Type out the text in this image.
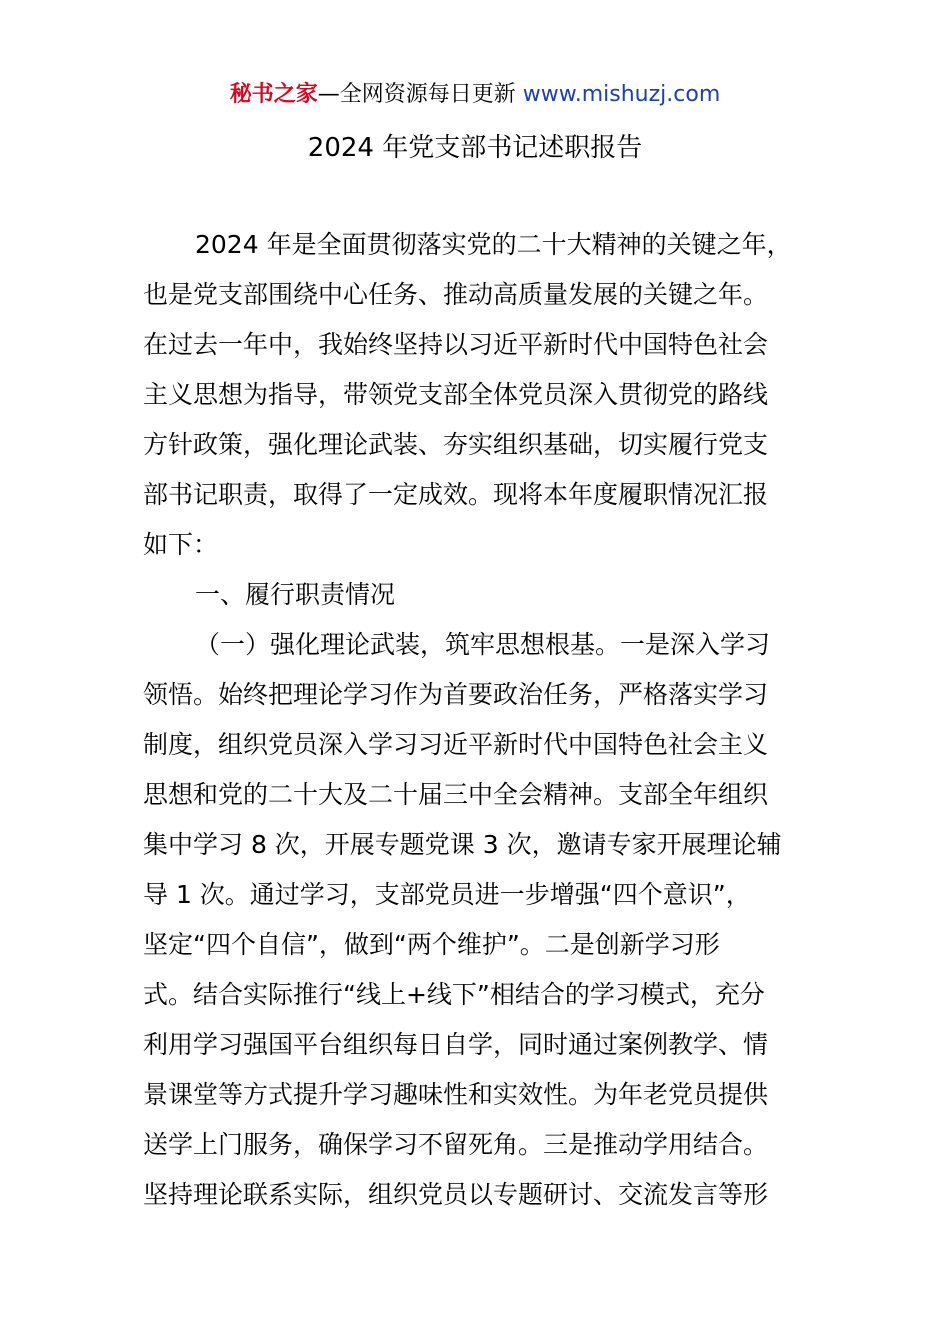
秘书之家—全网资源每日更新 www.mishuzj.com
2024 年党支部书记述职报告
2024 年是全面贯彻落实党的二十大精神的关键之年，
也是党支部围绕中心任务、推动高质量发展的关键之年。
在过去一年中，我始终坚持以习近平新时代中国特色社会
主义思想为指导，带领党支部全体党员深入贯彻党的路线
方针政策，强化理论武装、夯实组织基础，切实履行党支
部书记职责，取得了一定成效。现将本年度履职情况汇报
如下：
一、履行职责情况
（一）强化理论武装，筑牢思想根基。一是深入学习
领悟。始终把理论学习作为首要政治任务，严格落实学习
制度，组织党员深入学习习近平新时代中国特色社会主义
思想和党的二十大及二十届三中全会精神。支部全年组织
集中学习 8 次，开展专题党课 3 次，邀请专家开展理论辅
导 1 次。通过学习，支部党员进一步增强“四个意识”，
坚定“四个自信”，做到“两个维护”。二是创新学习形
式。结合实际推行“线上+线下”相结合的学习模式，充分
利用学习强国平台组织每日自学，同时通过案例教学、情
景课堂等方式提升学习趣味性和实效性。为年老党员提供
送学上门服务，确保学习不留死角。三是推动学用结合。
坚持理论联系实际，组织党员以专题研讨、交流发言等形
